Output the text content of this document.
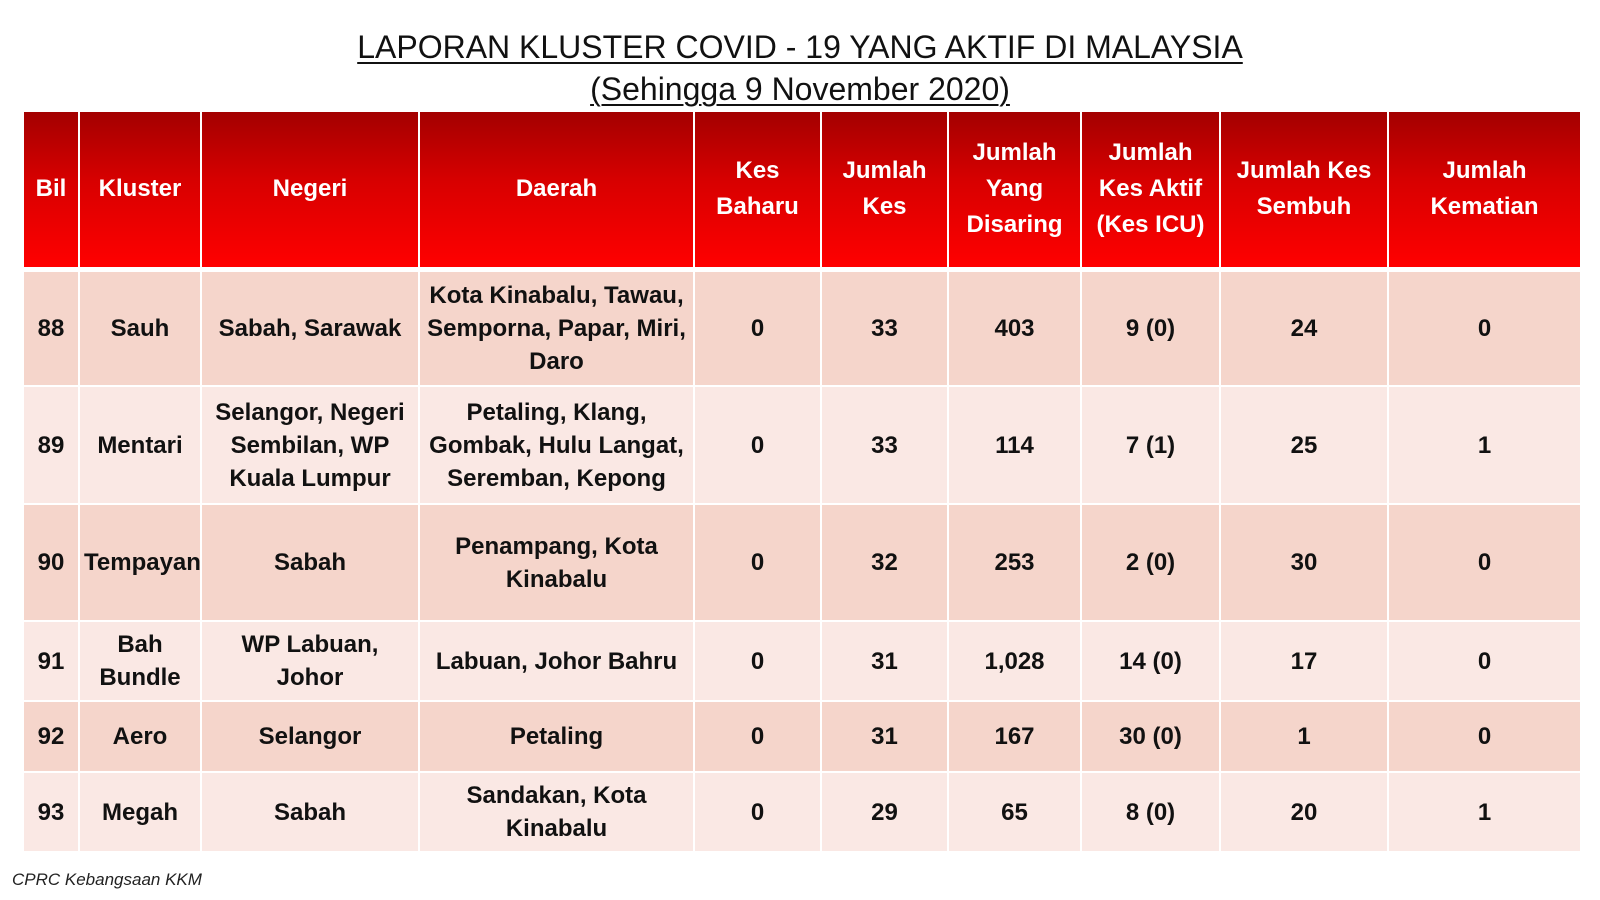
LAPORAN KLUSTER COVID - 19 YANG AKTIF DI MALAYSIA
(Sehingga 9 November 2020)
Bil	Kluster	Negeri	Daerah	Kes Baharu	Jumlah Kes	Jumlah Yang Disaring	Jumlah Kes Aktif (Kes ICU)	Jumlah Kes Sembuh	Jumlah Kematian
88	Sauh	Sabah, Sarawak	Kota Kinabalu, Tawau, Semporna, Papar, Miri, Daro	0	33	403	9 (0)	24	0
89	Mentari	Selangor, Negeri Sembilan, WP Kuala Lumpur	Petaling, Klang, Gombak, Hulu Langat, Seremban, Kepong	0	33	114	7 (1)	25	1
90	Tempayan	Sabah	Penampang, Kota Kinabalu	0	32	253	2 (0)	30	0
91	Bah Bundle	WP Labuan, Johor	Labuan, Johor Bahru	0	31	1,028	14 (0)	17	0
92	Aero	Selangor	Petaling	0	31	167	30 (0)	1	0
93	Megah	Sabah	Sandakan, Kota Kinabalu	0	29	65	8 (0)	20	1
CPRC Kebangsaan KKM
